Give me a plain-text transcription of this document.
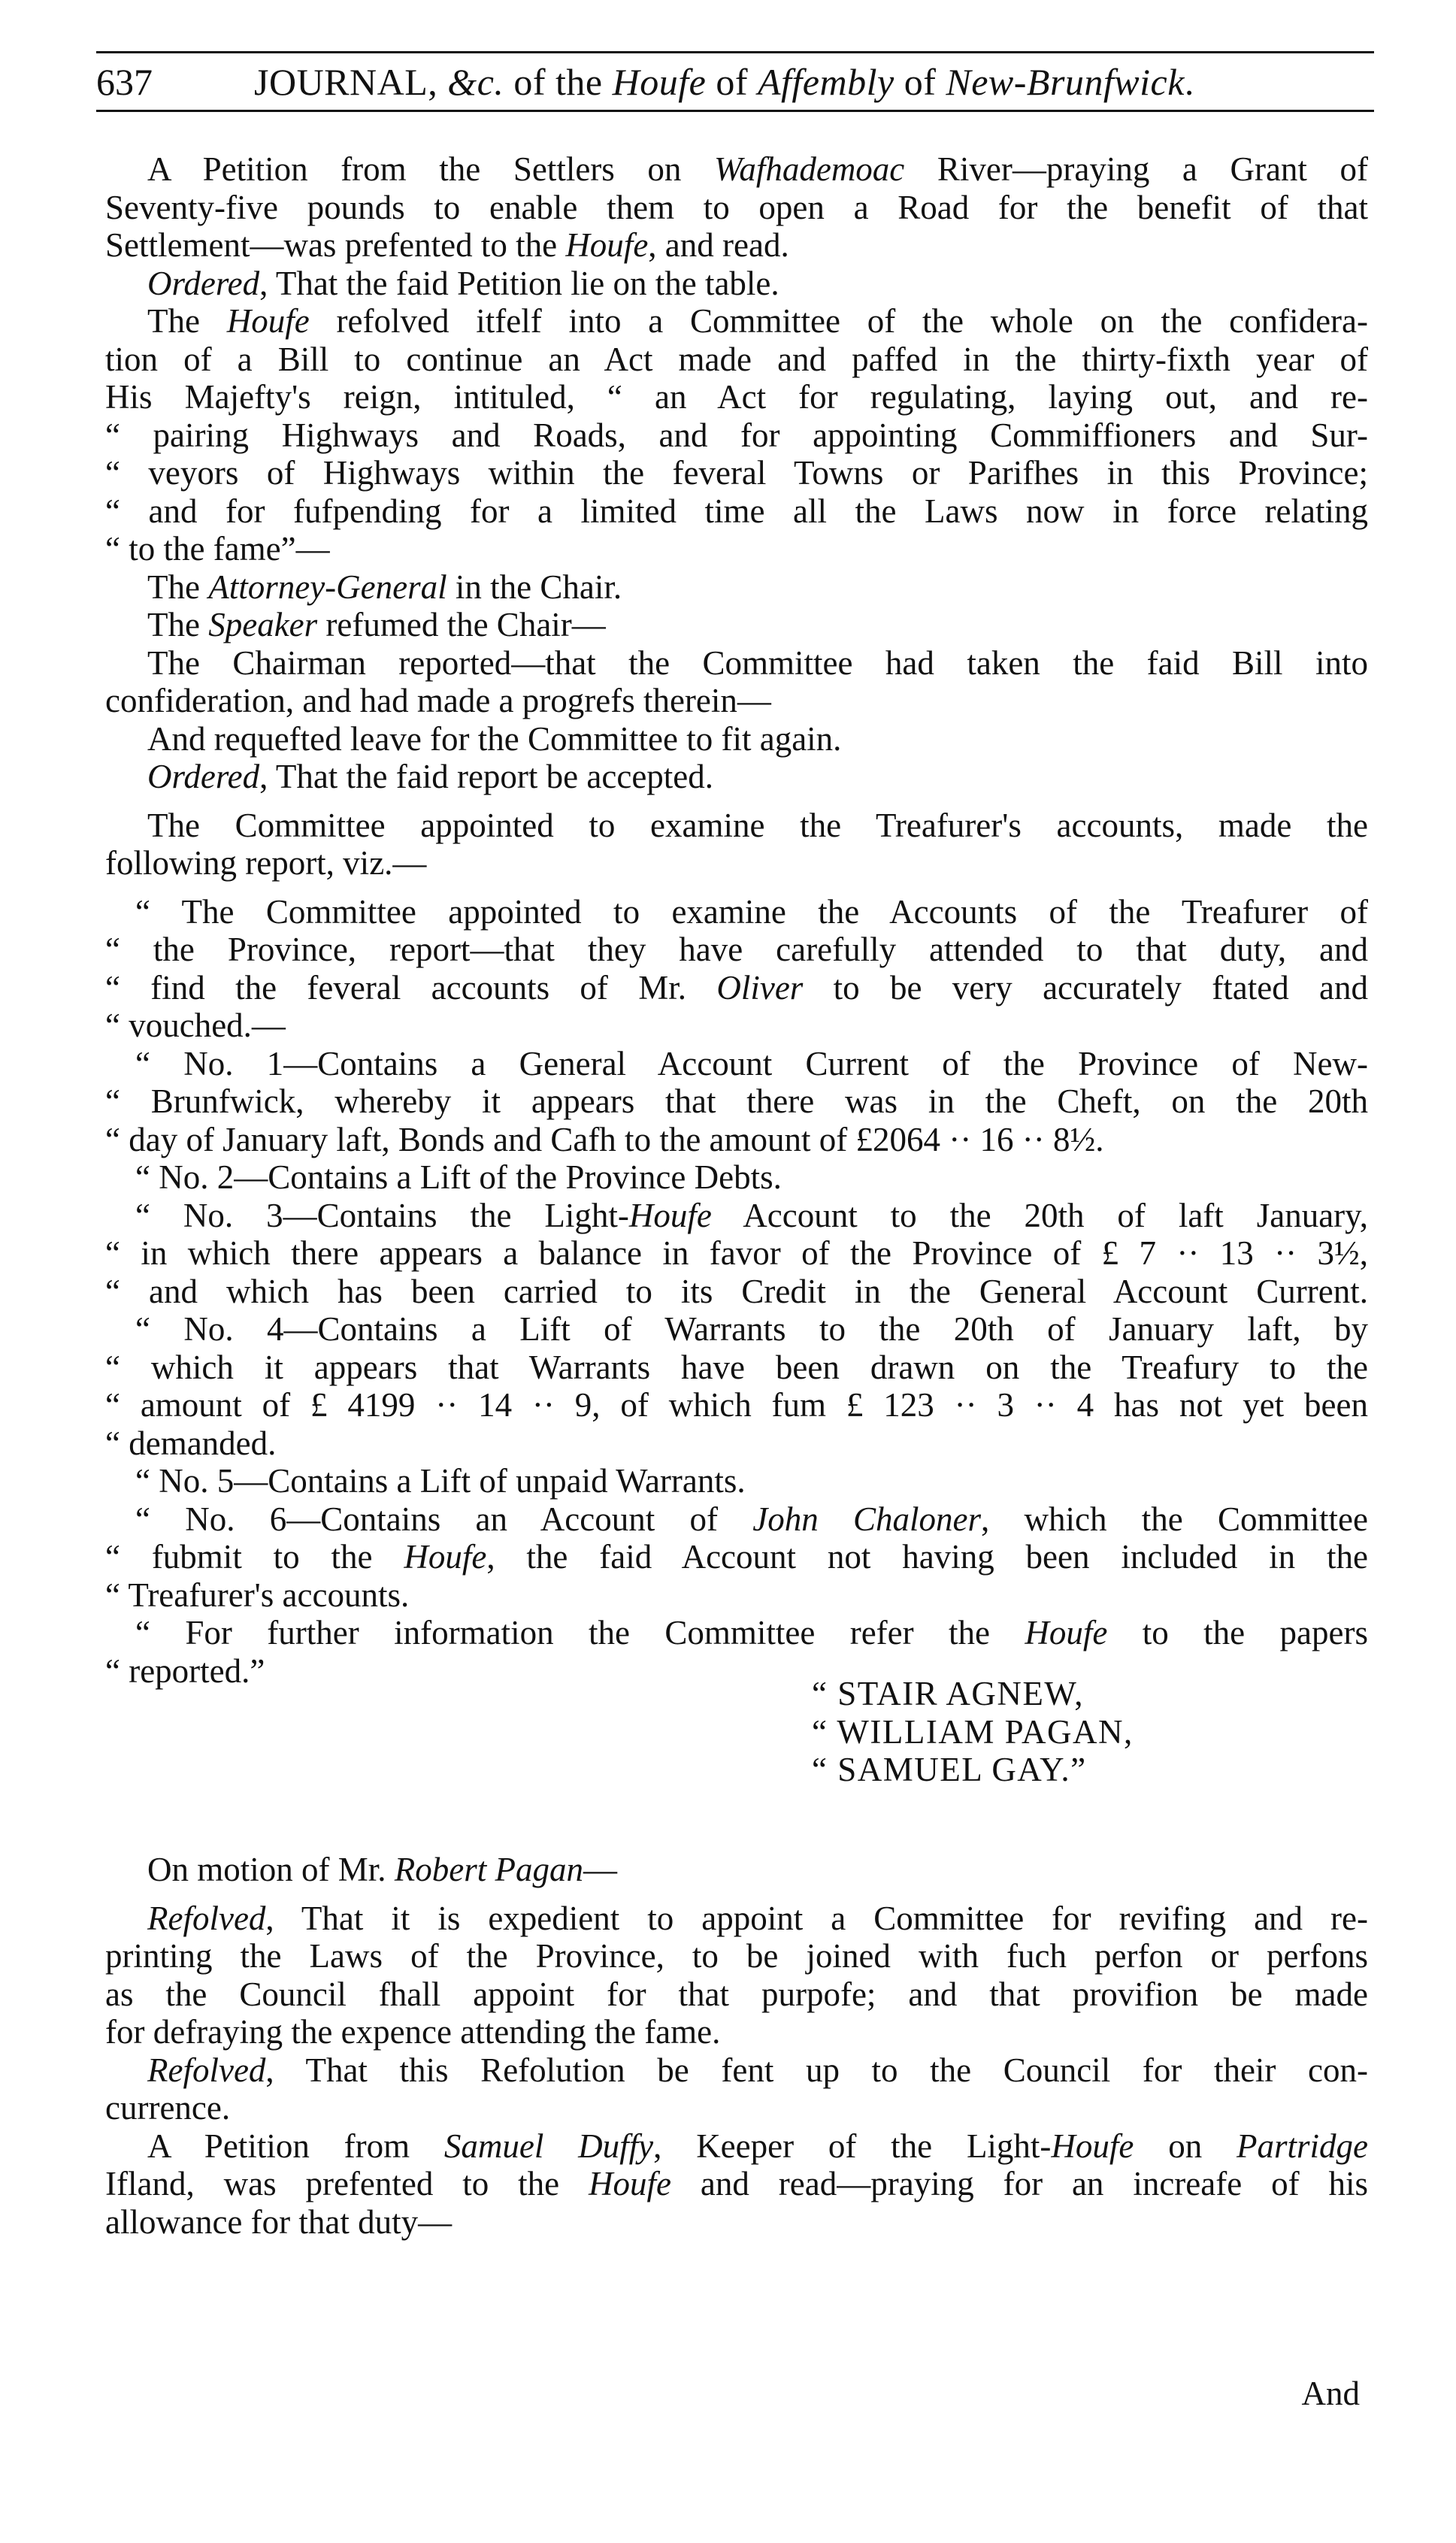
637	JOURNAL, &c. of the Houfe of Affembly of New-Brunfwick.
A Petition from the Settlers on Wafhademoac River—praying a Grant of
Seventy-five pounds to enable them to open a Road for the benefit of that
Settlement—was prefented to the Houfe, and read.
Ordered, That the faid Petition lie on the table.
The Houfe refolved itfelf into a Committee of the whole on the confidera-
tion of a Bill to continue an Act made and paffed in the thirty-fixth year of
His Majefty's reign, intituled, “ an Act for regulating, laying out, and re-
“ pairing Highways and Roads, and for appointing Commiffioners and Sur-
“ veyors of Highways within the feveral Towns or Parifhes in this Province;
“ and for fufpending for a limited time all the Laws now in force relating
“ to the fame”—
The Attorney-General in the Chair.
The Speaker refumed the Chair—
The Chairman reported—that the Committee had taken the faid Bill into
confideration, and had made a progrefs therein—
And requefted leave for the Committee to fit again.
Ordered, That the faid report be accepted.
The Committee appointed to examine the Treafurer's accounts, made the
following report, viz.—
“ The Committee appointed to examine the Accounts of the Treafurer of
“ the Province, report—that they have carefully attended to that duty, and
“ find the feveral accounts of Mr. Oliver to be very accurately ftated and
“ vouched.—
“ No. 1—Contains a General Account Current of the Province of New-
“ Brunfwick, whereby it appears that there was in the Cheft, on the 20th
“ day of January laft, Bonds and Cafh to the amount of £2064 ·· 16 ·· 8½.
“ No. 2—Contains a Lift of the Province Debts.
“ No. 3—Contains the Light-Houfe Account to the 20th of laft January,
“ in which there appears a balance in favor of the Province of £ 7 ·· 13 ·· 3½,
“ and which has been carried to its Credit in the General Account Current.
“ No. 4—Contains a Lift of Warrants to the 20th of January laft, by
“ which it appears that Warrants have been drawn on the Treafury to the
“ amount of £ 4199 ·· 14 ·· 9, of which fum £ 123 ·· 3 ·· 4 has not yet been
“ demanded.
“ No. 5—Contains a Lift of unpaid Warrants.
“ No. 6—Contains an Account of John Chaloner, which the Committee
“ fubmit to the Houfe, the faid Account not having been included in the
“ Treafurer's accounts.
“ For further information the Committee refer the Houfe to the papers
“ reported.”
“ STAIR AGNEW,
“ WILLIAM PAGAN,
“ SAMUEL GAY.”
On motion of Mr. Robert Pagan—
Refolved, That it is expedient to appoint a Committee for revifing and re-
printing the Laws of the Province, to be joined with fuch perfon or perfons
as the Council fhall appoint for that purpofe; and that provifion be made
for defraying the expence attending the fame.
Refolved, That this Refolution be fent up to the Council for their con-
currence.
A Petition from Samuel Duffy, Keeper of the Light-Houfe on Partridge
Ifland, was prefented to the Houfe and read—praying for an increafe of his
allowance for that duty—
And
